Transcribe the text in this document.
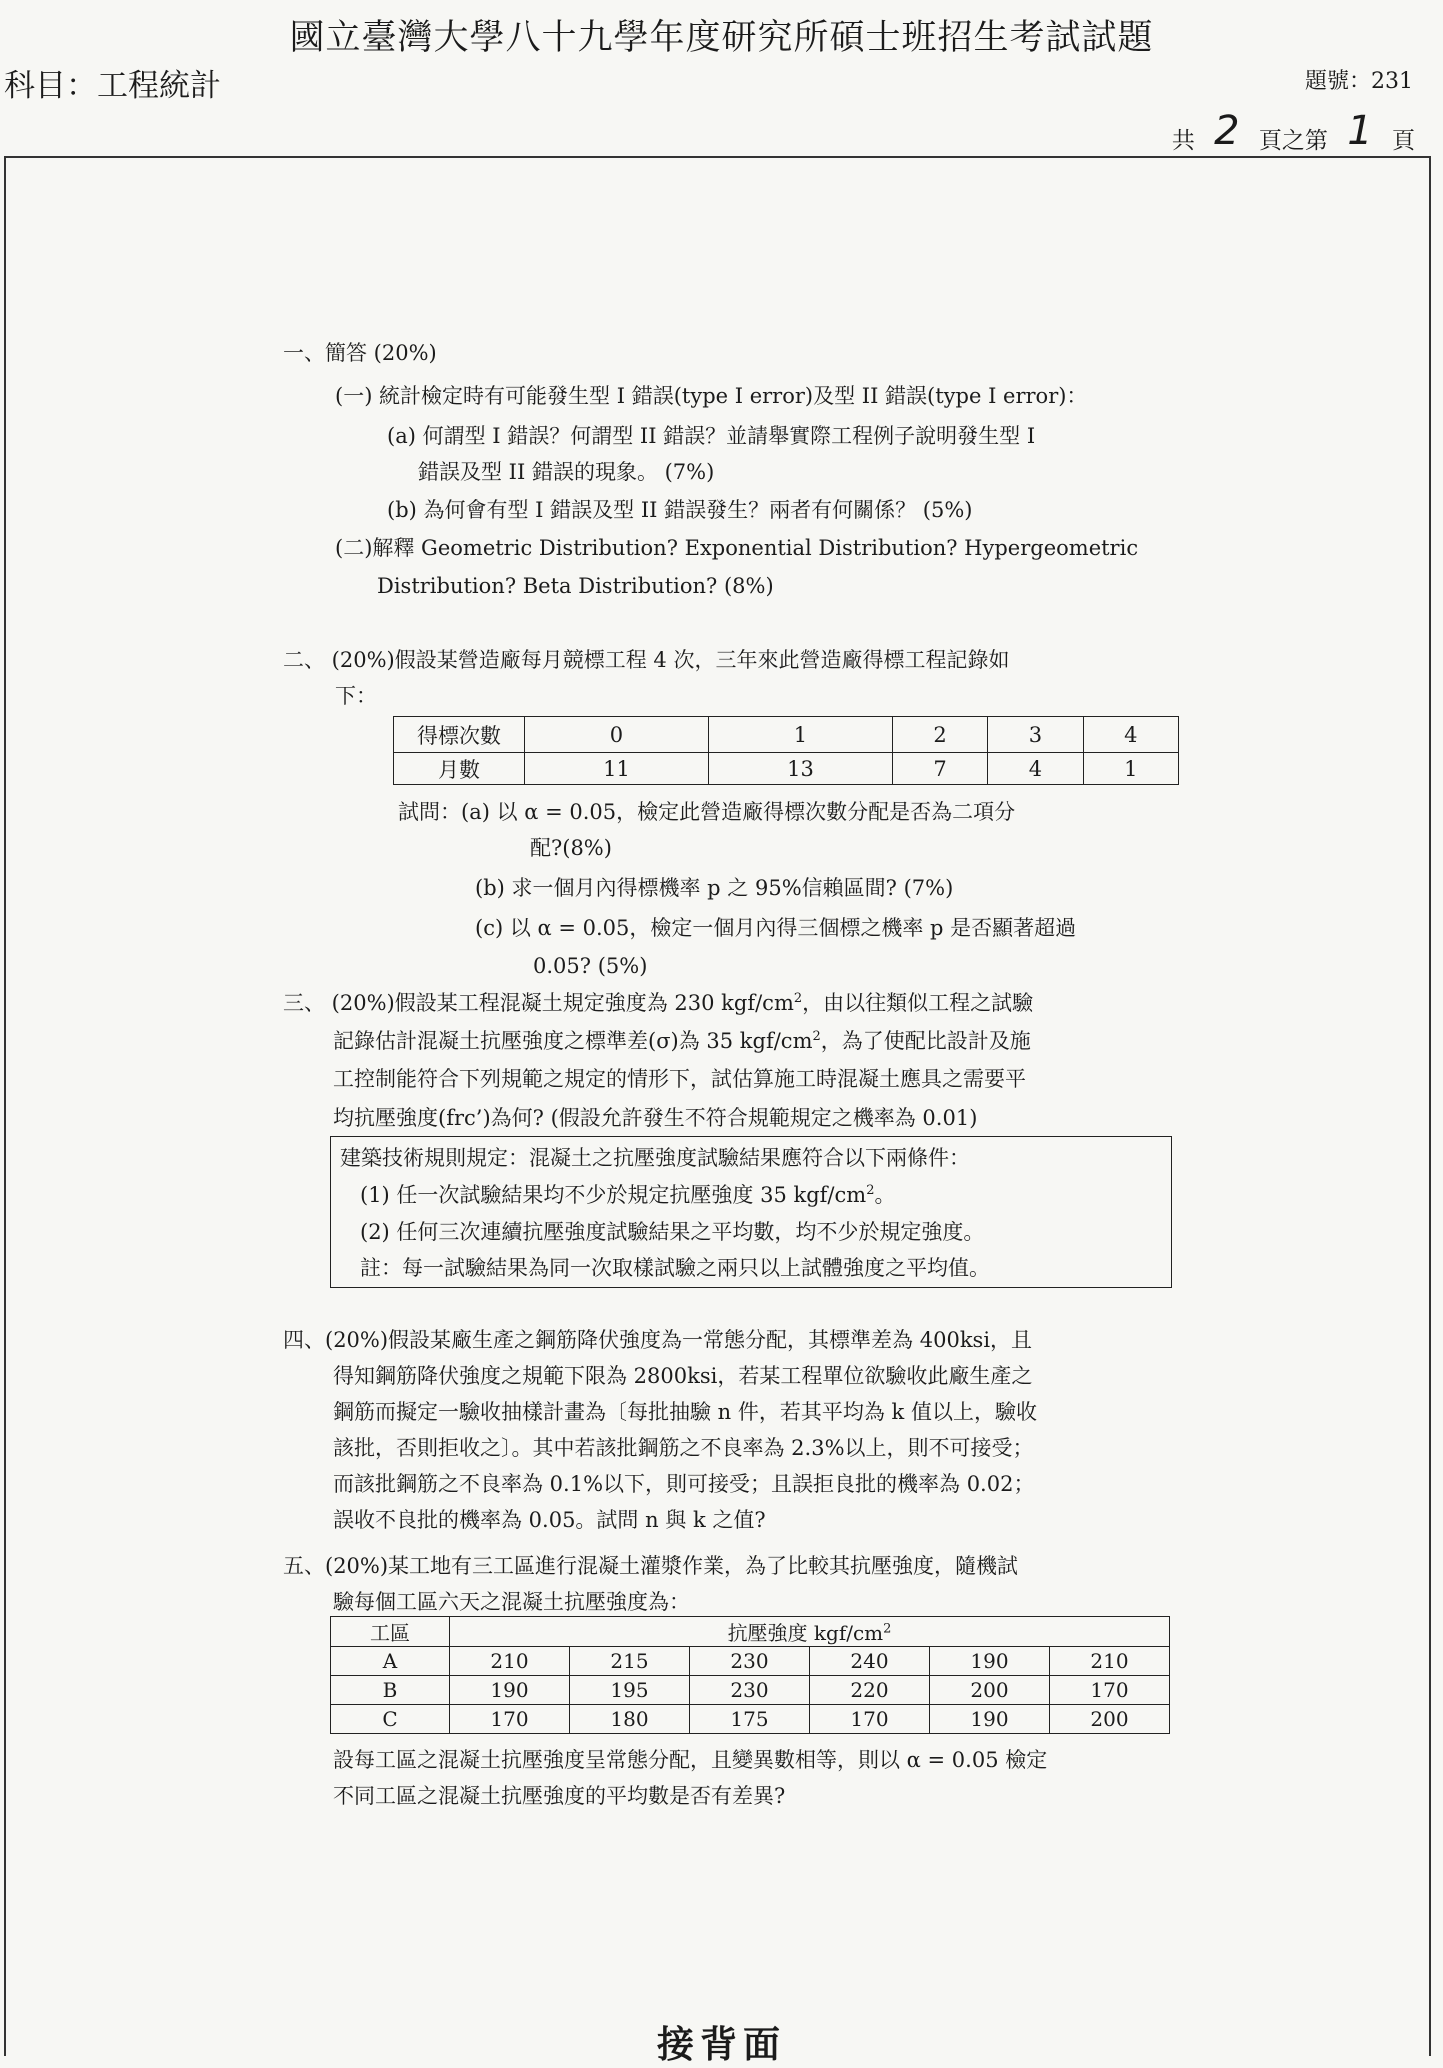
國立臺灣大學八十九學年度研究所碩士班招生考試試題
科目：工程統計	題號：231
共 2 頁之第 1 頁
一、簡答 (20%)
(一) 統計檢定時有可能發生型 I 錯誤(type I error)及型 II 錯誤(type I error)：
(a) 何謂型 I 錯誤？何謂型 II 錯誤？並請舉實際工程例子說明發生型 I
錯誤及型 II 錯誤的現象。 (7%)
(b) 為何會有型 I 錯誤及型 II 錯誤發生？兩者有何關係？ (5%)
(二)解釋 Geometric Distribution? Exponential Distribution? Hypergeometric
Distribution? Beta Distribution? (8%)
二、 (20%)假設某營造廠每月競標工程 4 次，三年來此營造廠得標工程記錄如
下：
得標次數	0	1	2	3	4
月數	11	13	7	4	1
試問：(a) 以 α = 0.05，檢定此營造廠得標次數分配是否為二項分
配?(8%)
(b) 求一個月內得標機率 p 之 95%信賴區間? (7%)
(c) 以 α = 0.05，檢定一個月內得三個標之機率 p 是否顯著超過
0.05? (5%)
三、 (20%)假設某工程混凝土規定強度為 230 kgf/$cm^2$，由以往類似工程之試驗
記錄估計混凝土抗壓強度之標準差(σ)為 35 kgf/$cm^2$，為了使配比設計及施
工控制能符合下列規範之規定的情形下，試估算施工時混凝土應具之需要平
均抗壓強度(frc’)為何? (假設允許發生不符合規範規定之機率為 0.01)
建築技術規則規定：混凝土之抗壓強度試驗結果應符合以下兩條件：
(1) 任一次試驗結果均不少於規定抗壓強度 35 kgf/$cm^2$。
(2) 任何三次連續抗壓強度試驗結果之平均數，均不少於規定強度。
註：每一試驗結果為同一次取樣試驗之兩只以上試體強度之平均值。
四、(20%)假設某廠生產之鋼筋降伏強度為一常態分配，其標準差為 400ksi，且
得知鋼筋降伏強度之規範下限為 2800ksi，若某工程單位欲驗收此廠生產之
鋼筋而擬定一驗收抽樣計畫為〔每批抽驗 n 件，若其平均為 k 值以上，驗收
該批，否則拒收之〕。其中若該批鋼筋之不良率為 2.3%以上，則不可接受；
而該批鋼筋之不良率為 0.1%以下，則可接受；且誤拒良批的機率為 0.02；
誤收不良批的機率為 0.05。試問 n 與 k 之值?
五、(20%)某工地有三工區進行混凝土灌漿作業，為了比較其抗壓強度，隨機試
驗每個工區六天之混凝土抗壓強度為：
工區	抗壓強度 kgf/$cm^2$
A	210	215	230	240	190	210
B	190	195	230	220	200	170
C	170	180	175	170	190	200
設每工區之混凝土抗壓強度呈常態分配，且變異數相等，則以 α = 0.05 檢定
不同工區之混凝土抗壓強度的平均數是否有差異?
接背面
